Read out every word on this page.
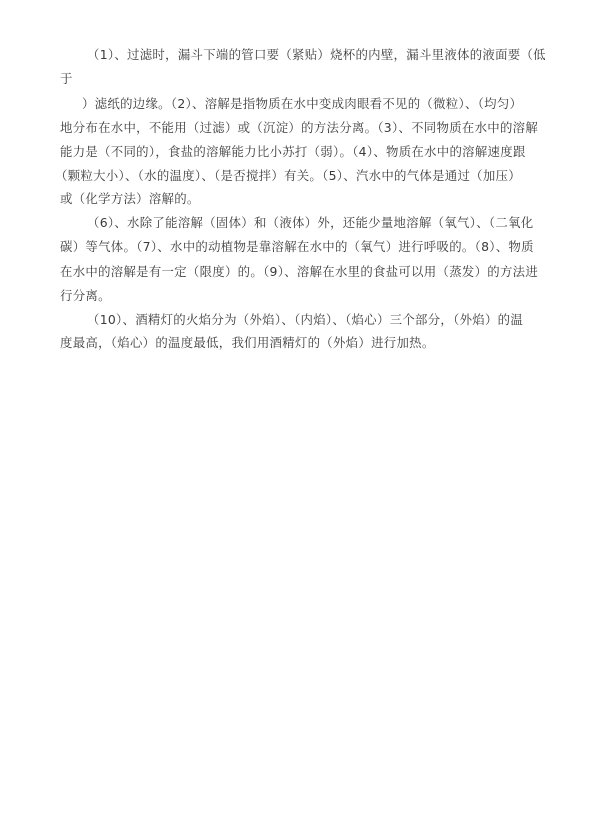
（1）、过滤时，漏斗下端的管口要（紧贴）烧杯的内壁，漏斗里液体的液面要（低

于

）滤纸的边缘。（2）、溶解是指物质在水中变成肉眼看不见的（微粒）、（均匀）

地分布在水中，不能用（过滤）或（沉淀）的方法分离。（3）、不同物质在水中的溶解

能力是（不同的），食盐的溶解能力比小苏打（弱）。（4）、物质在水中的溶解速度跟

（颗粒大小）、（水的温度）、（是否搅拌）有关。（5）、汽水中的气体是通过（加压）

或（化学方法）溶解的。

（6）、水除了能溶解（固体）和（液体）外，还能少量地溶解（氧气）、（二氧化

碳）等气体。（7）、水中的动植物是靠溶解在水中的（氧气）进行呼吸的。（8）、物质

在水中的溶解是有一定（限度）的。（9）、溶解在水里的食盐可以用（蒸发）的方法进

行分离。

（10）、酒精灯的火焰分为（外焰）、（内焰）、（焰心）三个部分，（外焰）的温

度最高，（焰心）的温度最低，我们用酒精灯的（外焰）进行加热。
